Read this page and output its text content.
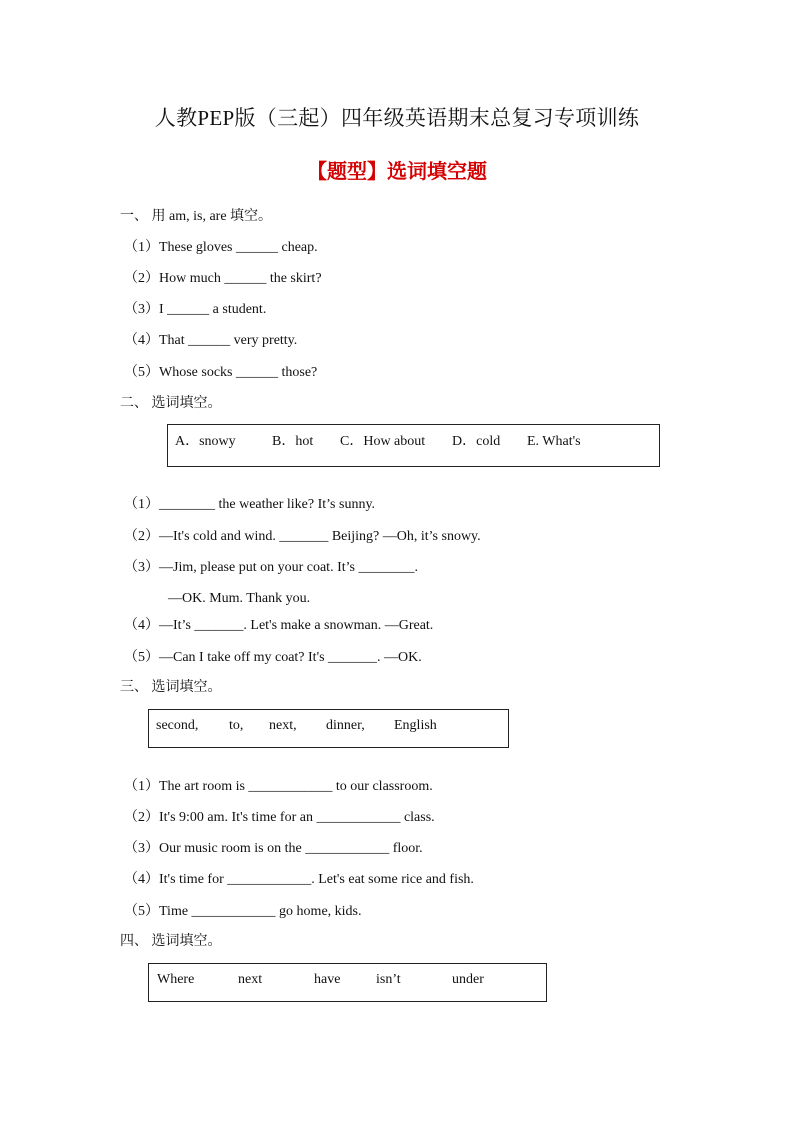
人教PEP版（三起）四年级英语期末总复习专项训练
【题型】选词填空题
一、 用 am, is, are 填空。
（1）These gloves ______ cheap.
（2）How much ______ the skirt?
（3）I ______ a student.
（4）That ______ very pretty.
（5）Whose socks ______ those?
二、 选词填空。
A．snowy	B．hot C．How about D．cold E. What's
（1）________ the weather like? It’s sunny.
（2）—It's cold and wind. _______ Beijing? —Oh, it’s snowy.
（3）—Jim, please put on your coat. It’s ________.
—OK. Mum. Thank you.
（4）—It’s _______. Let's make a snowman. —Great.
（5）—Can I take off my coat? It's _______. —OK.
三、 选词填空。
second, to, next, dinner, English
（1）The art room is ____________ to our classroom.
（2）It's 9:00 am. It's time for an ____________ class.
（3）Our music room is on the ____________ floor.
（4）It's time for ____________. Let's eat some rice and fish.
（5）Time ____________ go home, kids.
四、 选词填空。
Where	next	have	isn’t	under
